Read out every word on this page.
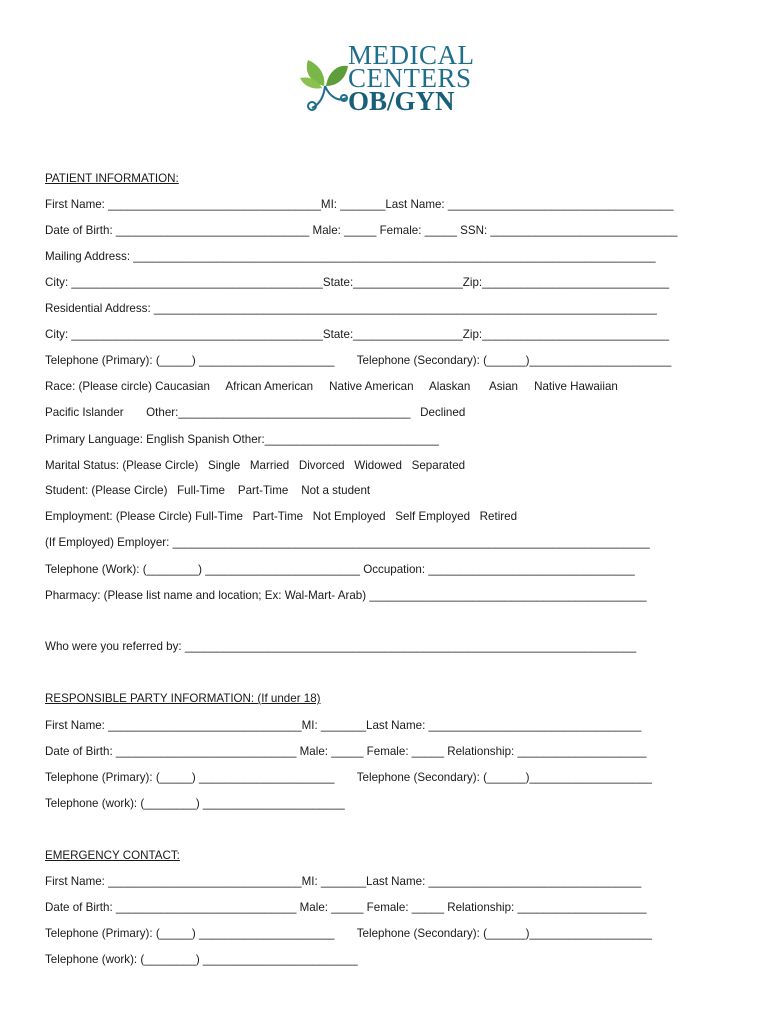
MEDICAL
CENTERS
OB/GYN
PATIENT INFORMATION:
First Name: _________________________________MI: _______Last Name: ___________________________________
Date of Birth: ______________________________ Male: _____ Female: _____ SSN: _____________________________
Mailing Address: _________________________________________________________________________________
City: _______________________________________State:_________________Zip:_____________________________
Residential Address: ______________________________________________________________________________
City: _______________________________________State:_________________Zip:_____________________________
Telephone (Primary): (_____) _____________________       Telephone (Secondary): (______)______________________
Race: (Please circle) Caucasian     African American     Native American     Alaskan      Asian     Native Hawaiian
Pacific Islander       Other:____________________________________   Declined
Primary Language: English Spanish Other:___________________________
Marital Status: (Please Circle)   Single   Married   Divorced   Widowed   Separated
Student: (Please Circle)   Full-Time    Part-Time    Not a student
Employment: (Please Circle) Full-Time   Part-Time   Not Employed   Self Employed   Retired
(If Employed) Employer: __________________________________________________________________________
Telephone (Work): (________) ________________________ Occupation: ________________________________
Pharmacy: (Please list name and location; Ex: Wal-Mart- Arab) ___________________________________________
Who were you referred by: ______________________________________________________________________
RESPONSIBLE PARTY INFORMATION: (If under 18)
First Name: ______________________________MI: _______Last Name: _________________________________
Date of Birth: ____________________________ Male: _____ Female: _____ Relationship: ____________________
Telephone (Primary): (_____) _____________________       Telephone (Secondary): (______)___________________
Telephone (work): (________) ______________________
EMERGENCY CONTACT:
First Name: ______________________________MI: _______Last Name: _________________________________
Date of Birth: ____________________________ Male: _____ Female: _____ Relationship: ____________________
Telephone (Primary): (_____) _____________________       Telephone (Secondary): (______)___________________
Telephone (work): (________) ________________________
